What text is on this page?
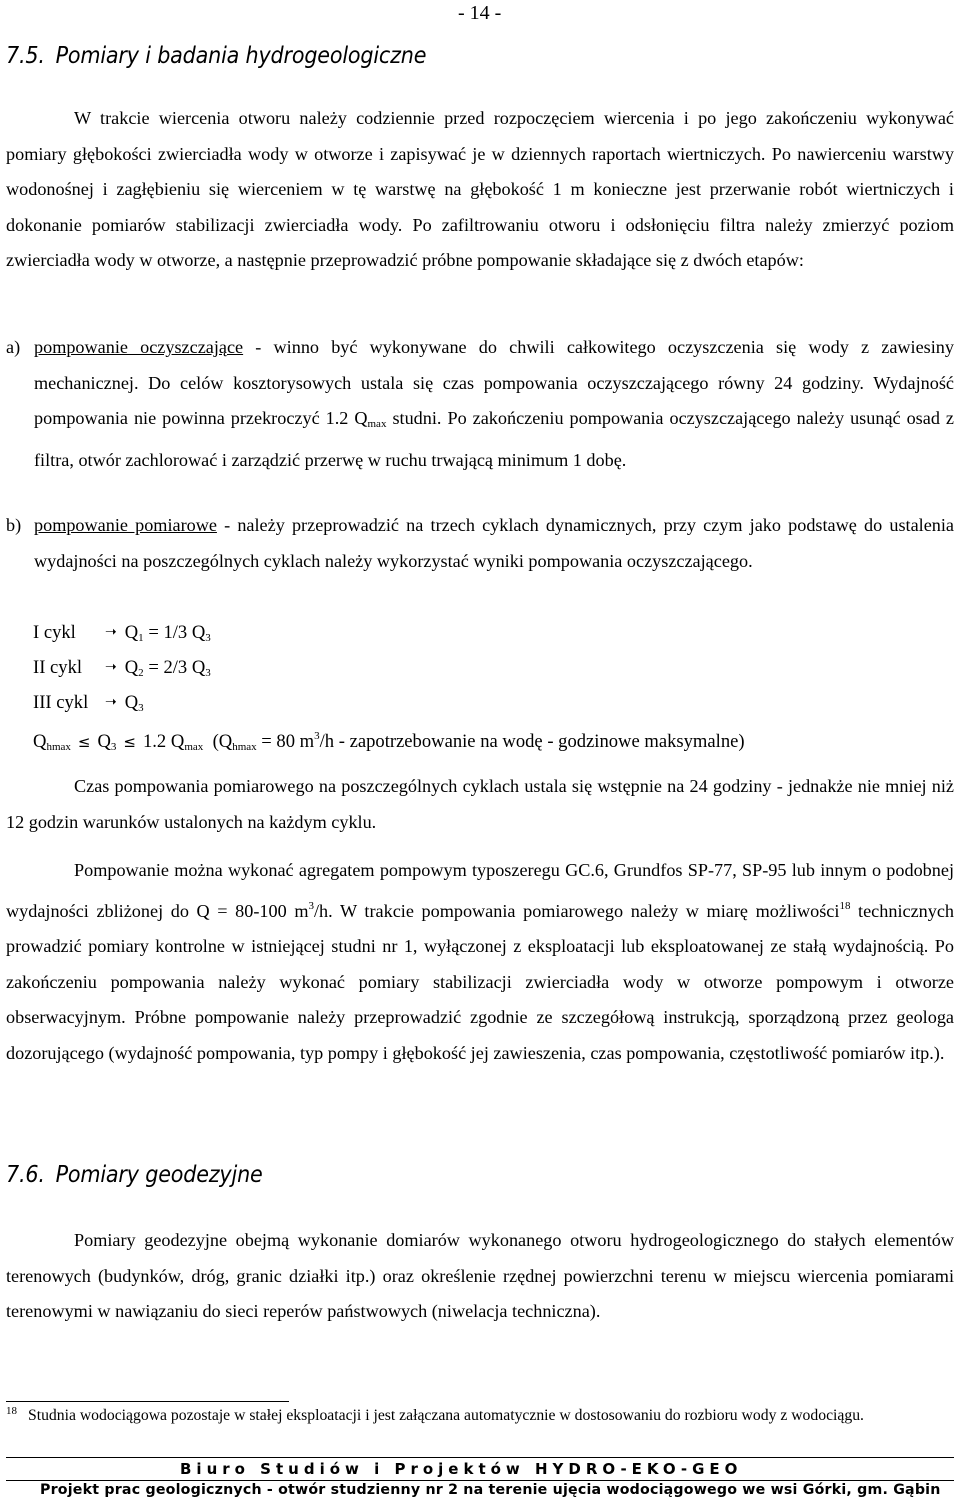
- 14 -
7.5. Pomiary i badania hydrogeologiczne

W trakcie wiercenia otworu należy codziennie przed rozpoczęciem wiercenia i po jego zakończeniu wykonywać pomiary głębokości zwierciadła wody w otworze i zapisywać je w dziennych raportach wiertniczych. Po nawierceniu warstwy wodonośnej i zagłębieniu się wierceniem w tę warstwę na głębokość 1 m konieczne jest przerwanie robót wiertniczych i dokonanie pomiarów stabilizacji zwierciadła wody. Po zafiltrowaniu otworu i odsłonięciu filtra należy zmierzyć poziom zwierciadła wody w otworze, a następnie przeprowadzić próbne pompowanie składające się z dwóch etapów:

a) pompowanie oczyszczające - winno być wykonywane do chwili całkowitego oczyszczenia się wody z zawiesiny mechanicznej. Do celów kosztorysowych ustala się czas pompowania oczyszczającego równy 24 godziny. Wydajność pompowania nie powinna przekroczyć 1.2 $Q_{max}$ studni. Po zakończeniu pompowania oczyszczającego należy usunąć osad z filtra, otwór zachlorować i zarządzić przerwę w ruchu trwającą minimum 1 dobę.
b) pompowanie pomiarowe - należy przeprowadzić na trzech cyklach dynamicznych, przy czym jako podstawę do ustalenia wydajności na poszczególnych cyklach należy wykorzystać wyniki pompowania oczyszczającego.
I cykl ➝ $Q_1 = 1/3$ $Q_3$
II cykl ➝ $Q_2 = 2/3$ $Q_3$
III cykl ➝ $Q_3$
$Q_{hmax} \le Q_3 \le 1.2$ $Q_{max}$ ($Q_{hmax} = 80$ $m^3/h$ - zapotrzebowanie na wodę - godzinowe maksymalne)

Czas pompowania pomiarowego na poszczególnych cyklach ustala się wstępnie na 24 godziny - jednakże nie mniej niż 12 godzin warunków ustalonych na każdym cyklu.

Pompowanie można wykonać agregatem pompowym typoszeregu GC.6, Grundfos SP-77, SP-95 lub innym o podobnej wydajności zbliżonej do Q = 80-100 $m^3/h$. W trakcie pompowania pomiarowego należy w miarę możliwości$^{18}$ technicznych prowadzić pomiary kontrolne w istniejącej studni nr 1, wyłączonej z eksploatacji lub eksploatowanej ze stałą wydajnością. Po zakończeniu pompowania należy wykonać pomiary stabilizacji zwierciadła wody w otworze pompowym i otworze obserwacyjnym. Próbne pompowanie należy przeprowadzić zgodnie ze szczegółową instrukcją, sporządzoną przez geologa dozorującego (wydajność pompowania, typ pompy i głębokość jej zawieszenia, czas pompowania, częstotliwość pomiarów itp.).

7.6. Pomiary geodezyjne

Pomiary geodezyjne obejmą wykonanie domiarów wykonanego otworu hydrogeologicznego do stałych elementów terenowych (budynków, dróg, granic działki itp.) oraz określenie rzędnej powierzchni terenu w miejscu wiercenia pomiarami terenowymi w nawiązaniu do sieci reperów państwowych (niwelacja techniczna).

18 Studnia wodociągowa pozostaje w stałej eksploatacji i jest załączana automatycznie w dostosowaniu do rozbioru wody z wodociągu.
Biuro Studiów i Projektów HYDRO-EKO-GEO
Projekt prac geologicznych - otwór studzienny nr 2 na terenie ujęcia wodociągowego we wsi Górki, gm. Gąbin
